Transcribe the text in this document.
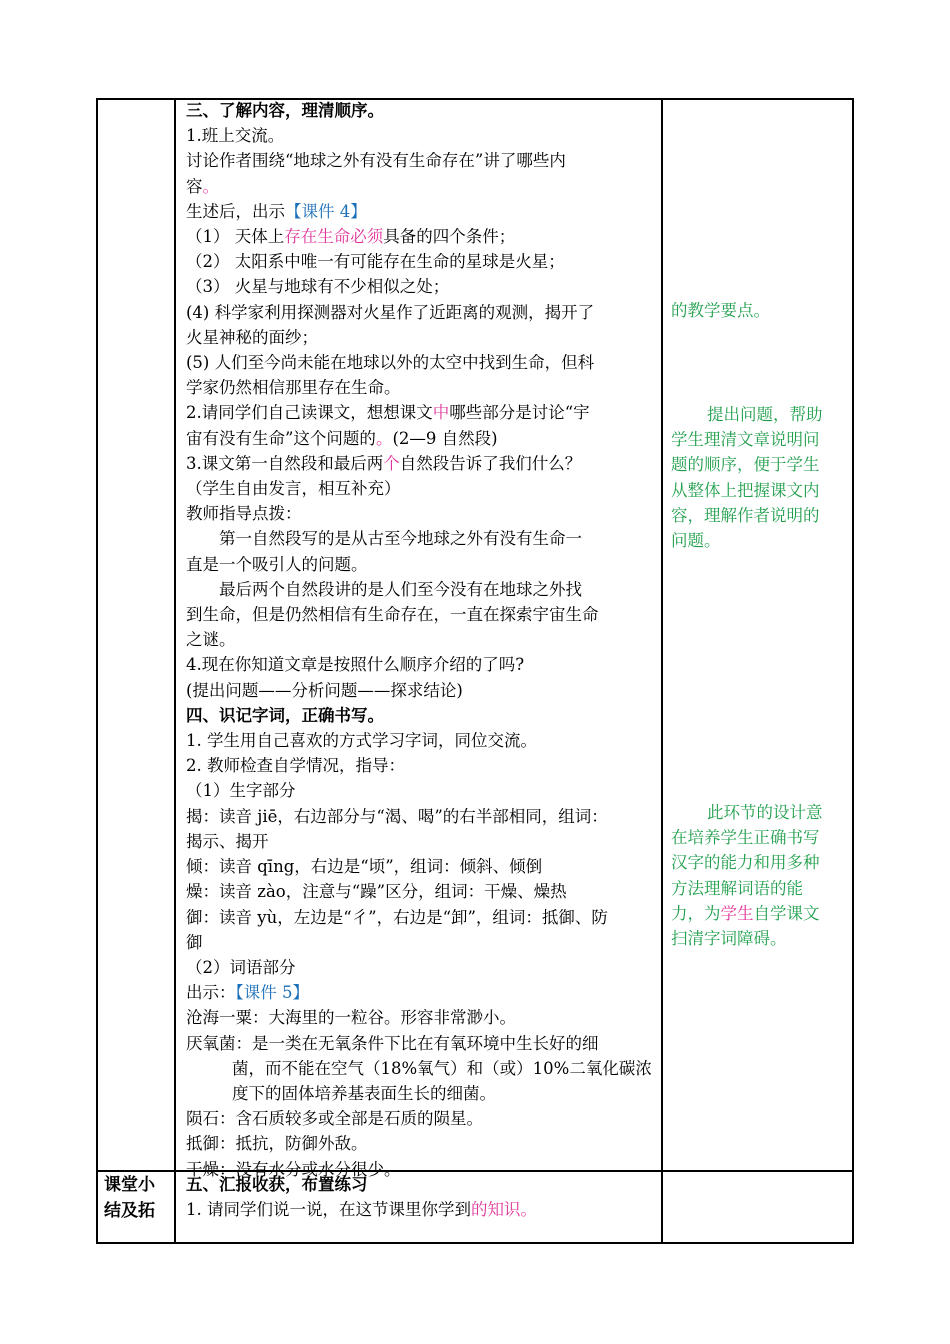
三、了解内容，理清顺序。
1.班上交流。
讨论作者围绕“地球之外有没有生命存在”讲了哪些内
容。
生述后，出示【课件 4】
（1） 天体上存在生命必须具备的四个条件；
（2） 太阳系中唯一有可能存在生命的星球是火星；
（3） 火星与地球有不少相似之处；
(4) 科学家利用探测器对火星作了近距离的观测，揭开了
火星神秘的面纱；
(5) 人们至今尚未能在地球以外的太空中找到生命，但科
学家仍然相信那里存在生命。
2.请同学们自己读课文，想想课文中哪些部分是讨论“宇
宙有没有生命”这个问题的。(2—9 自然段)
3.课文第一自然段和最后两个自然段告诉了我们什么？
（学生自由发言，相互补充）
教师指导点拨：
第一自然段写的是从古至今地球之外有没有生命一
直是一个吸引人的问题。
最后两个自然段讲的是人们至今没有在地球之外找
到生命，但是仍然相信有生命存在，一直在探索宇宙生命
之谜。
4.现在你知道文章是按照什么顺序介绍的了吗?
(提出问题——分析问题——探求结论)
四、识记字词，正确书写。
1. 学生用自己喜欢的方式学习字词，同位交流。
2. 教师检查自学情况，指导：
（1）生字部分
揭：读音 jiē，右边部分与“渴、喝”的右半部相同，组词：
揭示、揭开
倾：读音 qīng，右边是“顷”，组词：倾斜、倾倒
燥：读音 zào，注意与“躁”区分，组词：干燥、燥热
御：读音 yù，左边是“彳”，右边是“卸”，组词：抵御、防
御
（2）词语部分
出示：【课件 5】
沧海一粟：大海里的一粒谷。形容非常渺小。
厌氧菌：是一类在无氧条件下比在有氧环境中生长好的细
菌，而不能在空气（18%氧气）和（或）10%二氧化碳浓
度下的固体培养基表面生长的细菌。
陨石：含石质较多或全部是石质的陨星。
抵御：抵抗，防御外敌。
干燥：没有水分或水分很少。
课堂小
结及拓
五、汇报收获，布置练习
1. 请同学们说一说，在这节课里你学到的知识。
的教学要点。
提出问题，帮助
学生理清文章说明问
题的顺序，便于学生
从整体上把握课文内
容，理解作者说明的
问题。
此环节的设计意
在培养学生正确书写
汉字的能力和用多种
方法理解词语的能
力，为学生自学课文
扫清字词障碍。
